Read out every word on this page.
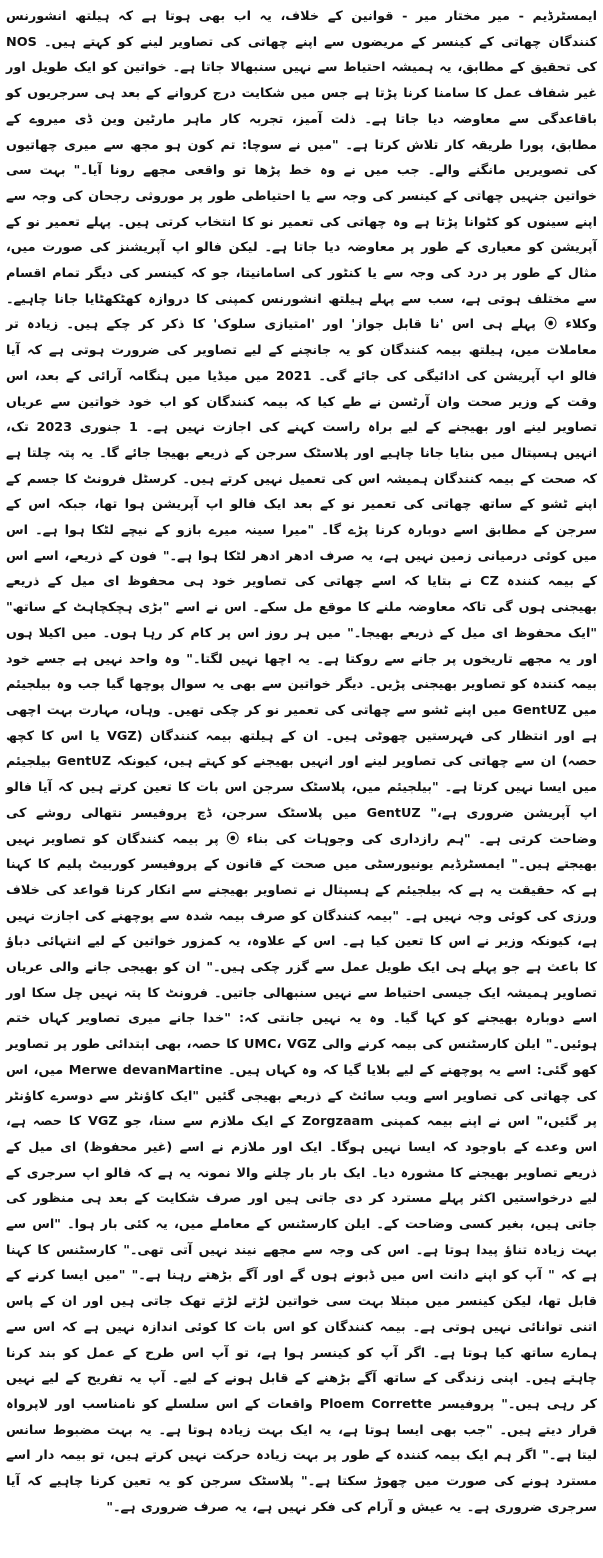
ایمسٹرڈیم - میر مختار میر - قوانین کے خلاف، یہ اب بھی ہوتا ہے کہ ہیلتھ انشورنس کنندگان چھاتی کے کینسر کے مریضوں سے اپنے چھاتی کی تصاویر لینے کو کہتے ہیں۔ NOS کی تحقیق کے مطابق، یہ ہمیشہ احتیاط سے نہیں سنبھالا جاتا ہے۔ خواتین کو ایک طویل اور غیر شفاف عمل کا سامنا کرنا پڑتا ہے جس میں شکایت درج کروانے کے بعد ہی سرجریوں کو باقاعدگی سے معاوضہ دیا جاتا ہے۔ ذلت آمیز، تجربہ کار ماہر مارٹین وین ڈی میروے کے مطابق، پورا طریقہ کار تلاش کرتا ہے۔ "میں نے سوچا: تم کون ہو مجھ سے میری چھاتیوں کی تصویریں مانگنے والے۔ جب میں نے وہ خط پڑھا تو واقعی مجھے رونا آیا۔" بہت سی خواتین جنہیں چھاتی کے کینسر کی وجہ سے یا احتیاطی طور پر موروثی رجحان کی وجہ سے اپنے سینوں کو کٹوانا پڑتا ہے وہ چھاتی کی تعمیر نو کا انتخاب کرتی ہیں۔ پہلے تعمیر نو کے آپریشن کو معیاری کے طور پر معاوضہ دیا جاتا ہے۔ لیکن فالو اپ آپریشنز کی صورت میں، مثال کے طور پر درد کی وجہ سے یا کنٹور کی اسامانیتا، جو کہ کینسر کی دیگر تمام اقسام سے مختلف ہوتی ہے، سب سے پہلے ہیلتھ انشورنس کمپنی کا دروازہ کھٹکھٹایا جانا چاہیے۔ وکلاء ⦿ پہلے ہی اس 'نا قابل جواز' اور 'امتیازی سلوک' کا ذکر کر چکے ہیں۔ زیادہ تر معاملات میں، ہیلتھ بیمہ کنندگان کو یہ جانچنے کے لیے تصاویر کی ضرورت ہوتی ہے کہ آیا فالو اپ آپریشن کی ادائیگی کی جائے گی۔ 2021 میں میڈیا میں ہنگامہ آرائی کے بعد، اس وقت کے وزیر صحت وان آرٹسن نے طے کیا کہ بیمہ کنندگان کو اب خود خواتین سے عریاں تصاویر لینے اور بھیجنے کے لیے براہ راست کہنے کی اجازت نہیں ہے۔ 1 جنوری 2023 تک، انہیں ہسپتال میں بنایا جانا چاہیے اور پلاسٹک سرجن کے ذریعے بھیجا جائے گا۔ یہ پتہ چلتا ہے کہ صحت کے بیمہ کنندگان ہمیشہ اس کی تعمیل نہیں کرتے ہیں۔ کرسٹل فرونٹ کا جسم کے اپنے ٹشو کے ساتھ چھاتی کی تعمیر نو کے بعد ایک فالو اپ آپریشن ہوا تھا، جبکہ اس کے سرجن کے مطابق اسے دوبارہ کرنا پڑے گا۔ "میرا سینہ میرے بازو کے نیچے لٹکا ہوا ہے۔ اس میں کوئی درمیانی زمین نہیں ہے، یہ صرف ادھر ادھر لٹکا ہوا ہے۔" فون کے ذریعے، اسے اس کے بیمہ کنندہ CZ نے بتایا کہ اسے چھاتی کی تصاویر خود ہی محفوظ ای میل کے ذریعے بھیجنی ہوں گی تاکہ معاوضہ ملنے کا موقع مل سکے۔ اس نے اسے "بڑی ہچکچاہٹ کے ساتھ" "ایک محفوظ ای میل کے ذریعے بھیجا۔" میں ہر روز اس پر کام کر رہا ہوں۔ میں اکیلا ہوں اور یہ مجھے تاریخوں پر جانے سے روکتا ہے۔ یہ اچھا نہیں لگتا۔" وہ واحد نہیں ہے جسے خود بیمہ کنندہ کو تصاویر بھیجنی پڑیں۔ دیگر خواتین سے بھی یہ سوال پوچھا گیا جب وہ بیلجیئم میں GentUZ میں اپنے ٹشو سے چھاتی کی تعمیر نو کر چکی تھیں۔ وہاں، مہارت بہت اچھی ہے اور انتظار کی فہرستیں چھوٹی ہیں۔ ان کے ہیلتھ بیمہ کنندگان (VGZ یا اس کا کچھ حصہ) ان سے چھاتی کی تصاویر لینے اور انہیں بھیجنے کو کہتے ہیں، کیونکہ GentUZ بیلجیئم میں ایسا نہیں کرتا ہے۔ "بیلجیئم میں، پلاسٹک سرجن اس بات کا تعین کرتے ہیں کہ آیا فالو اپ آپریشن ضروری ہے،" GentUZ میں پلاسٹک سرجن، ڈچ پروفیسر نتھالی روشے کی وضاحت کرتی ہے۔ "ہم رازداری کی وجوہات کی بناء ⦿ پر بیمہ کنندگان کو تصاویر نہیں بھیجتے ہیں۔" ایمسٹرڈیم یونیورسٹی میں صحت کے قانون کے پروفیسر کوربیٹ پلیم کا کہنا ہے کہ حقیقت یہ ہے کہ بیلجیئم کے ہسپتال نے تصاویر بھیجنے سے انکار کرنا قواعد کی خلاف ورزی کی کوئی وجہ نہیں ہے۔ "بیمہ کنندگان کو صرف بیمہ شدہ سے پوچھنے کی اجازت نہیں ہے، کیونکہ وزیر نے اس کا تعین کیا ہے۔ اس کے علاوہ، یہ کمزور خواتین کے لیے انتہائی دباؤ کا باعث ہے جو پہلے ہی ایک طویل عمل سے گزر چکی ہیں۔" ان کو بھیجی جانے والی عریاں تصاویر ہمیشہ ایک جیسی احتیاط سے نہیں سنبھالی جاتیں۔ فرونٹ کا پتہ نہیں چل سکا اور اسے دوبارہ بھیجنے کو کہا گیا۔ وہ یہ نہیں جانتی کہ: "خدا جانے میری تصاویر کہاں ختم ہوئیں۔" ایلن کارسٹنس کی بیمہ کرنے والی UMC، VGZ کا حصہ، بھی ابتدائی طور پر تصاویر کھو گئی: اسے یہ پوچھنے کے لیے بلایا گیا کہ وہ کہاں ہیں۔ Merwe devanMartine میں، اس کی چھاتی کی تصاویر اسے ویب سائٹ کے ذریعے بھیجی گئیں "ایک کاؤنٹر سے دوسرے کاؤنٹر پر گئیں،" اس نے اپنے بیمہ کمپنی Zorgzaam کے ایک ملازم سے سنا، جو VGZ کا حصہ ہے، اس وعدے کے باوجود کہ ایسا نہیں ہوگا۔ ایک اور ملازم نے اسے (غیر محفوظ) ای میل کے ذریعے تصاویر بھیجنے کا مشورہ دیا۔ ایک بار بار چلنے والا نمونہ یہ ہے کہ فالو اپ سرجری کے لیے درخواستیں اکثر پہلے مسترد کر دی جاتی ہیں اور صرف شکایت کے بعد ہی منظور کی جاتی ہیں، بغیر کسی وضاحت کے۔ ایلن کارسٹنس کے معاملے میں، یہ کئی بار ہوا۔ "اس سے بہت زیادہ تناؤ پیدا ہوتا ہے۔ اس کی وجہ سے مجھے نیند نہیں آتی تھی۔" کارسٹنس کا کہنا ہے کہ " آپ کو اپنے دانت اس میں ڈبونے ہوں گے اور آگے بڑھتے رہنا ہے۔" "میں ایسا کرنے کے قابل تھا، لیکن کینسر میں مبتلا بہت سی خواتین لڑتے لڑتے تھک جاتی ہیں اور ان کے پاس اتنی توانائی نہیں ہوتی ہے۔ بیمہ کنندگان کو اس بات کا کوئی اندازہ نہیں ہے کہ اس سے ہمارے ساتھ کیا ہوتا ہے۔ اگر آپ کو کینسر ہوا ہے، تو آپ اس طرح کے عمل کو بند کرنا چاہتے ہیں۔ اپنی زندگی کے ساتھ آگے بڑھنے کے قابل ہونے کے لیے۔ آپ یہ تفریح کے لیے نہیں کر رہی ہیں۔" پروفیسر Ploem Corrette واقعات کے اس سلسلے کو نامناسب اور لاپرواہ قرار دیتے ہیں۔ "جب بھی ایسا ہوتا ہے، یہ ایک بہت زیادہ ہوتا ہے۔ یہ بہت مضبوط سانس لیتا ہے۔" اگر ہم ایک بیمہ کنندہ کے طور پر بہت زیادہ حرکت نہیں کرتے ہیں، تو بیمہ دار اسے مسترد ہونے کی صورت میں چھوڑ سکتا ہے۔" پلاسٹک سرجن کو یہ تعین کرنا چاہیے کہ آیا سرجری ضروری ہے۔ یہ عیش و آرام کی فکر نہیں ہے، یہ صرف ضروری ہے۔"
